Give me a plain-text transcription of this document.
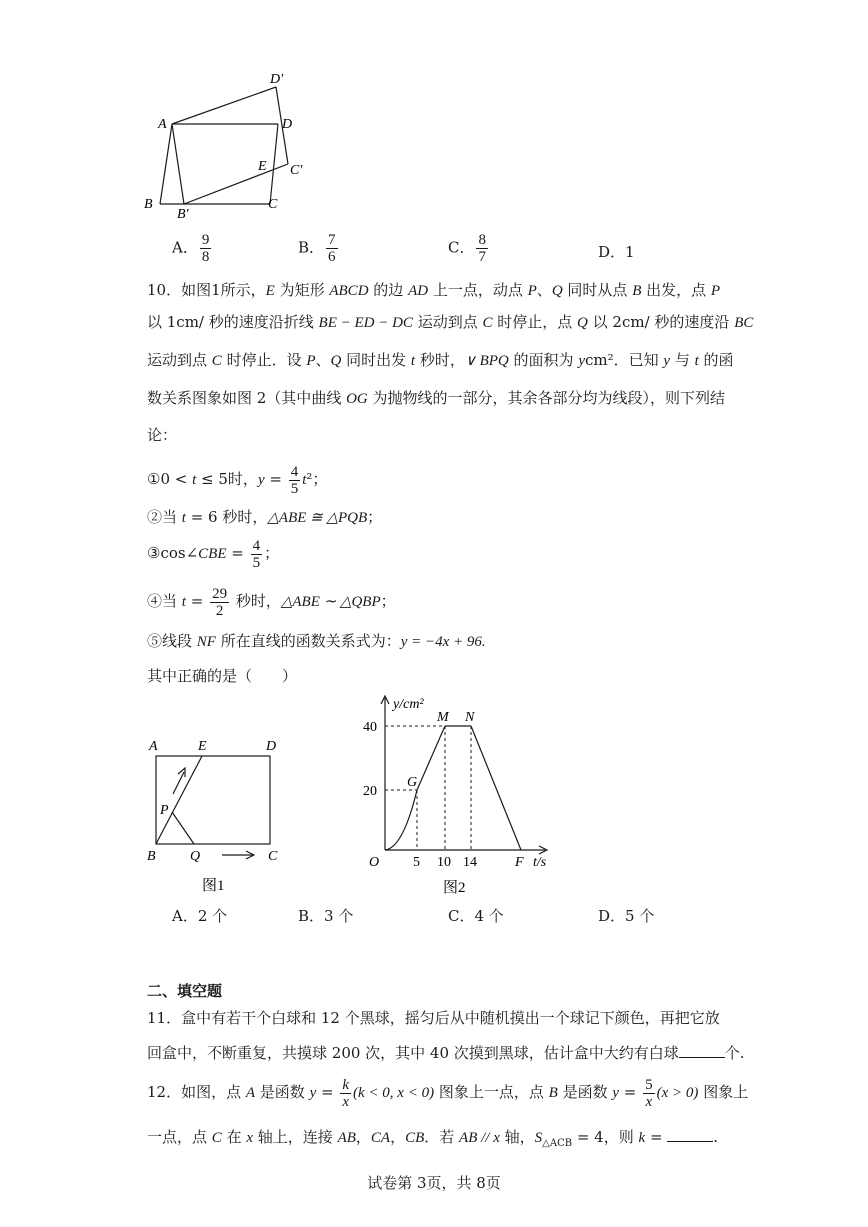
A	D
D'
E C'
B
B'
C
A． $\frac{9}{8}$	B． $\frac{7}{6}$	C． $\frac{8}{7}$	D．1
10．如图1所示，E 为矩形 ABCD 的边 AD 上一点，动点 P、Q 同时从点 B 出发，点 P
以 1cm/ 秒的速度沿折线 BE − ED − DC 运动到点 C 时停止，点 Q 以 2cm/ 秒的速度沿 BC
运动到点 C 时停止．设 P、Q 同时出发 t 秒时，∨ BPQ 的面积为 ycm²．已知 y 与 t 的函
数关系图象如图 2（其中曲线 OG 为抛物线的一部分，其余各部分均为线段），则下列结
论：
①0 < t ≤ 5时，$y = \frac{4}{5} t^2$；
②当 t = 6 秒时，△ABE ≅ △PQB；
③cos∠CBE = $\frac{4}{5}$ ；
④当 $t = \frac{29}{2}$ 秒时，△ABE ∼ △QBP；
⑤线段 NF 所在直线的函数关系式为：y = −4x + 96.
其中正确的是（　　）
A	E	D
P
B Q	C
图1
y/cm²
40
20
O 5 10 14	F t/s
M N
G
图2
A．2 个	B．3 个	C．4 个	D．5 个
二、填空题
11．盒中有若干个白球和 12 个黑球，摇匀后从中随机摸出一个球记下颜色，再把它放
回盒中，不断重复，共摸球 200 次，其中 40 次摸到黑球，估计盒中大约有白球	个.
12．如图，点 A 是函数 $y = \frac{k}{x} (k < 0$, x < 0) 图象上一点，点 B 是函数 $y = \frac{5}{x} (x > 0)$ 图象上
一点，点 C 在 x 轴上，连接 AB，CA，CB．若 AB // x 轴，$S_{\triangle ACB} = 4$，则 k =	.
试卷第 3页，共 8页
